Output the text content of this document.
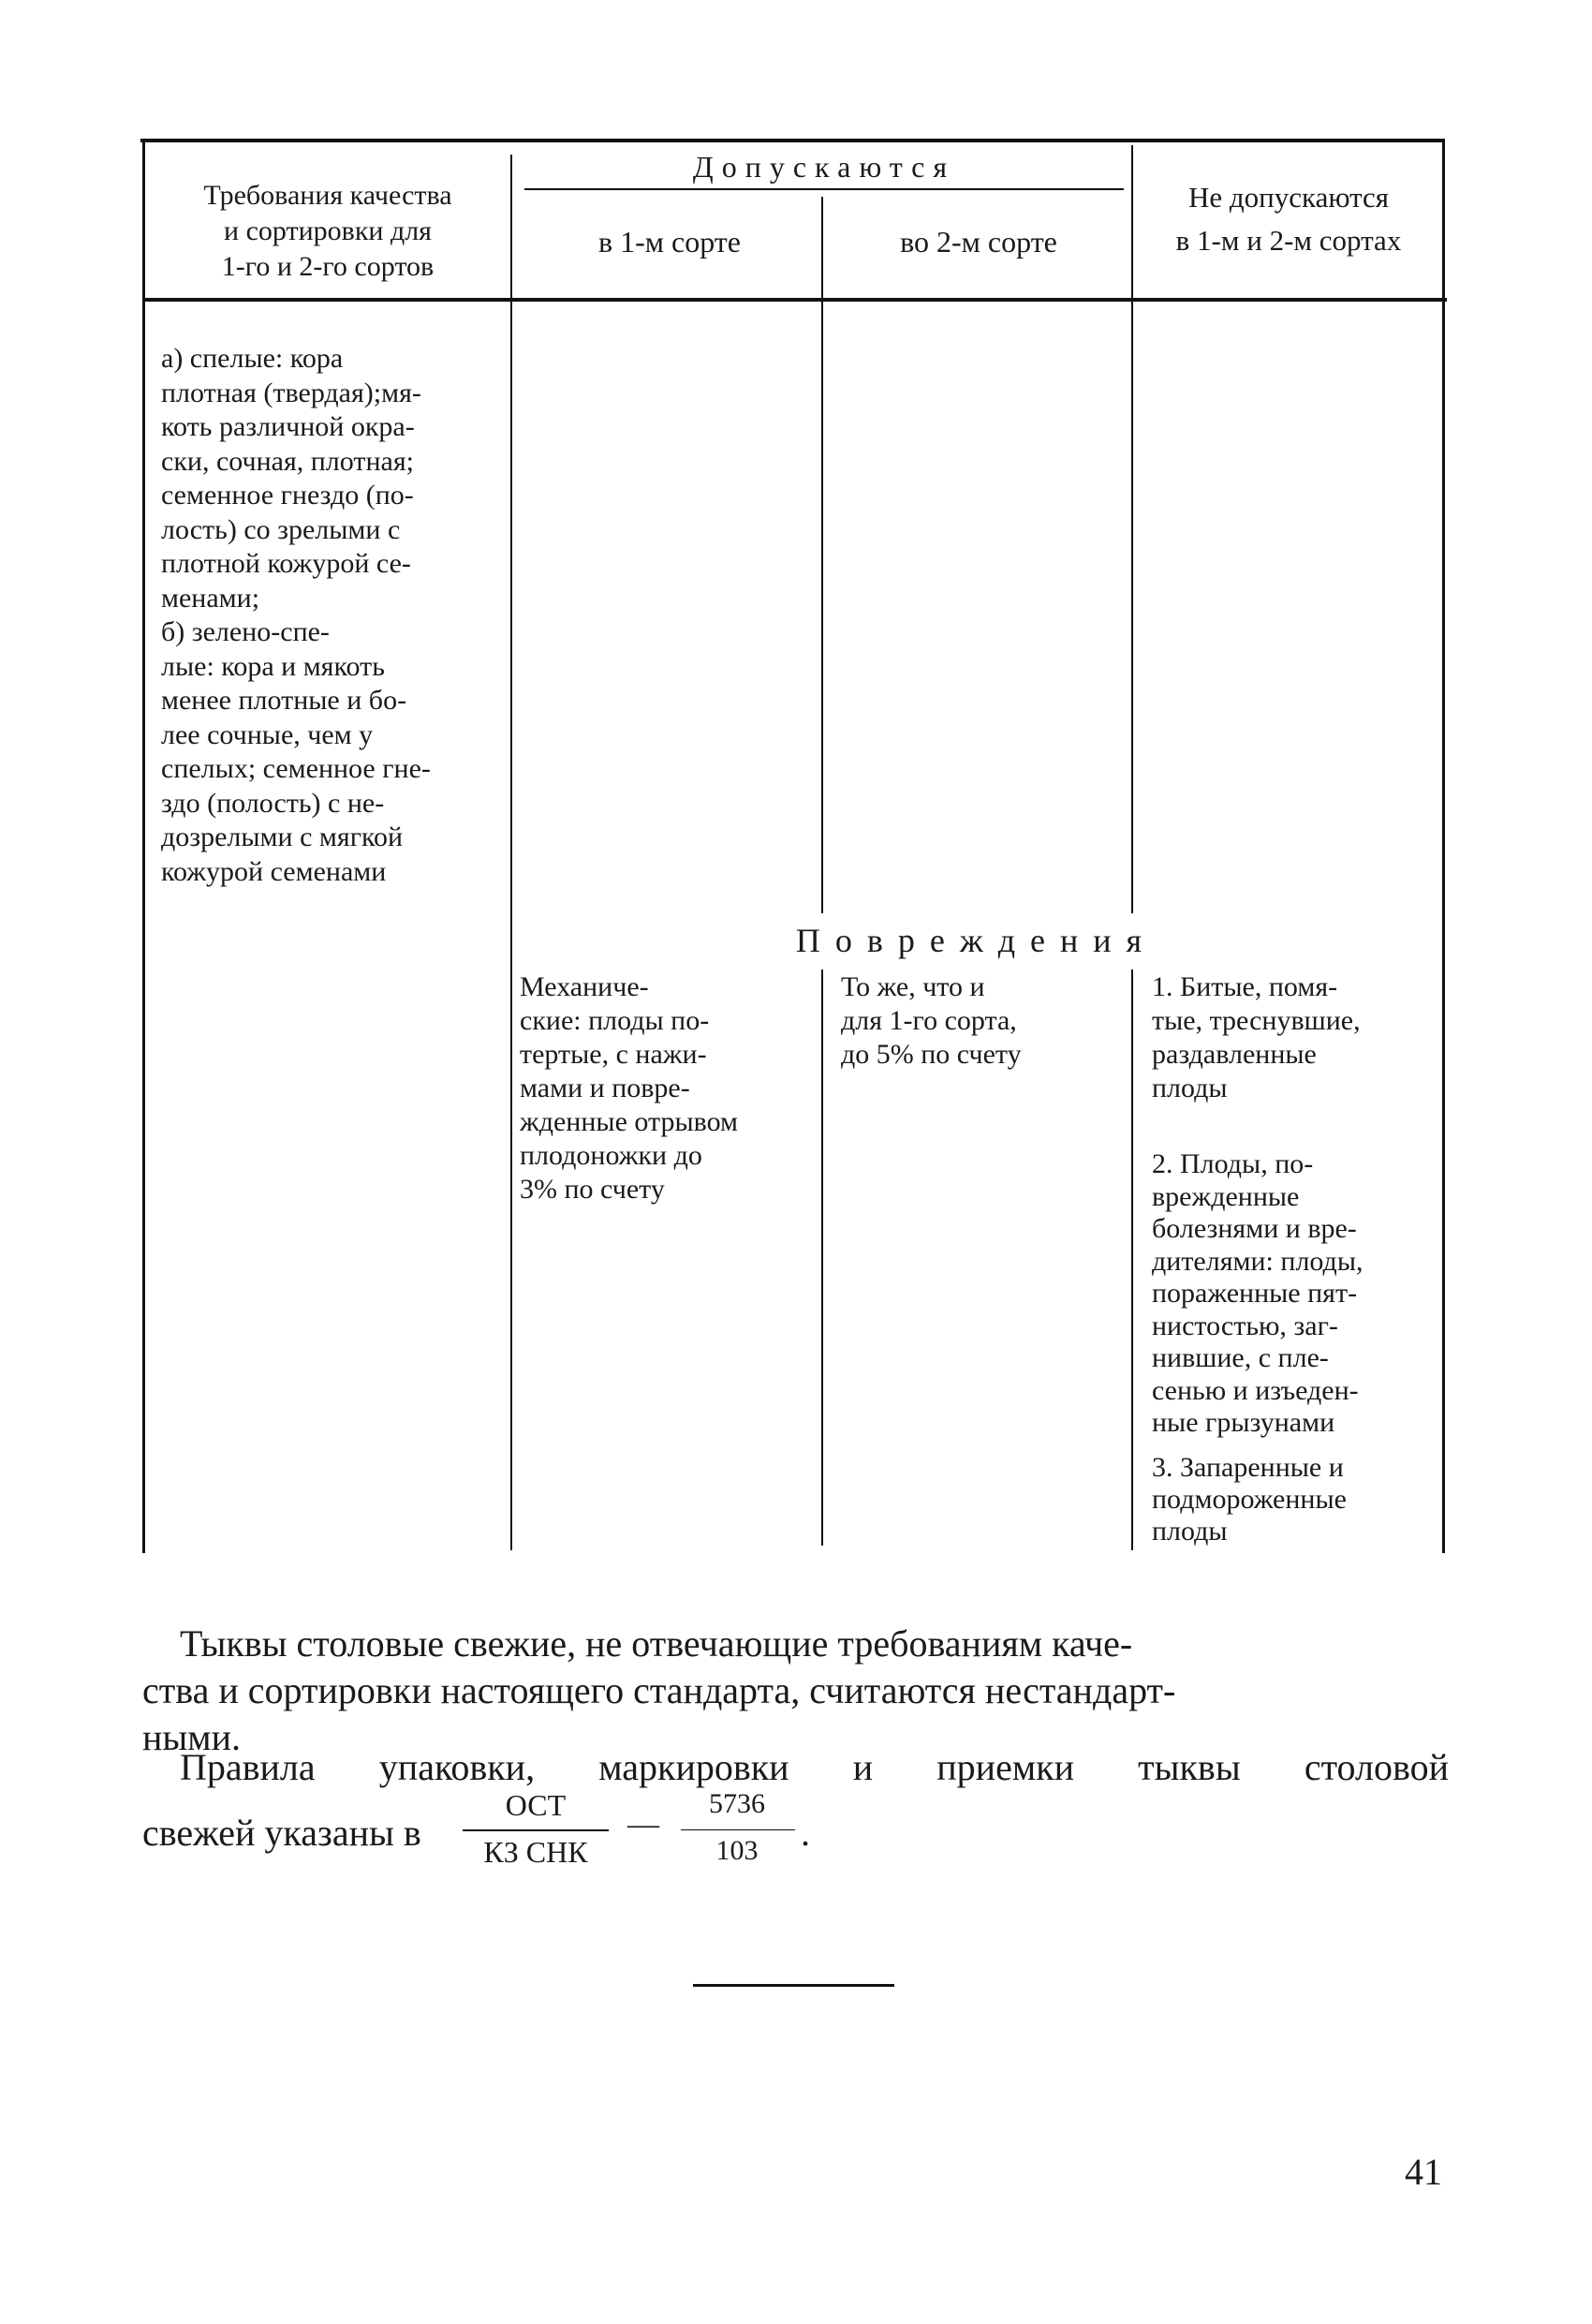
Требования качества
и сортировки для
1-го и 2-го сортов
Допускаются
в 1-м сорте	во 2-м сорте
Не допускаются
в 1-м и 2-м сортах
а) спелые: кора
плотная (твердая);мя-
коть различной окра-
ски, сочная, плотная;
семенное гнездо (по-
лость) со зрелыми с
плотной кожурой се-
менами;
б) зелено-спе-
лые: кора и мякоть
менее плотные и бо-
лее сочные, чем у
спелых; семенное гне-
здо (полость) с не-
дозрелыми с мягкой
кожурой семенами
Повреждения
Механиче-
ские: плоды по-
тертые, с нажи-
мами и повре-
жденные отрывом
плодоножки до
3% по счету
То же, что и
для 1-го сорта,
до 5% по счету
1. Битые, помя-
тые, треснувшие,
раздавленные
плоды
2. Плоды, по-
врежденные
болезнями и вре-
дителями: плоды,
пораженные пят-
нистостью, заг-
нившие, с пле-
сенью и изъеден-
ные грызунами
3. Запаренные и
подмороженные
плоды
Тыквы столовые свежие, не отвечающие требованиям каче-
ства и сортировки настоящего стандарта, считаются нестандарт-
ными.
Правила упаковки, маркировки и приемки тыквы столовой
свежей указаны в
ОСТ
КЗ СНК
—
5736
103	.
41
